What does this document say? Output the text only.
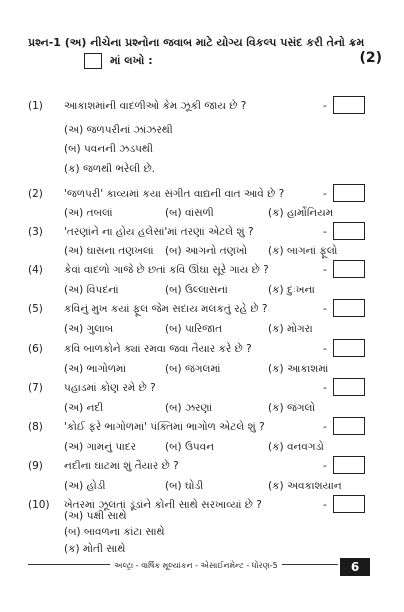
પ્રશ્ન-1 (અ) નીચેના પ્રશ્નોના જવાબ માટે યોગ્ય વિકલ્પ પસંદ કરી તેનો ક્રમ
માં લખો :	(2)
(1) આકાશમાંની વાદળીઓ કેમ ઝૂકી જાય છે ?	-
(અ) જળપરીનાં ઝાંઝરથી
(બ) પવનની ઝડપથી
(ક) જળથી ભરેલી છે.
(2) 'જળપરી' કાવ્યમાં કયા સંગીત વાદ્યની વાત આવે છે ?	-
(અ) તબલાં	(બ) વાંસળી	(ક) હાર્મોનિયમ
(3) 'તરણાંને ના હોય હલેસાં'માં તરણાં એટલે શું ?	-
(અ) ઘાસના તણખલાં (બ) આગનો તણખો (ક) બાગનાં ફૂલો
(4) કેવાં વાદળો ગાજે છે છતાં કવિ ઊંઘા સૂરે ગાય છે ?	-
(અ) વિપદનાં	(બ) ઉલ્લાસનાં	(ક) દુઃખના
(5) કવિનું મુખ કયાં ફૂલ જેમ સદાય મલકતું રહે છે ?	-
(અ) ગુલાબ	(બ) પારિજાત	(ક) મોગરા
(6) કવિ બાળકોને ક્યાં રમવા જવા તૈયાર કરે છે ?	-
(અ) ભાગોળમાં	(બ) જંગલમાં	(ક) આકાશમાં
(7) પહાડમાં કોણ રમે છે ?	-
(અ) નદી	(બ) ઝરણાં	(ક) જંગલો
(8) 'કોઈ ફરે ભાગોળમાં' પંક્તિમાં ભાગોળ એટલે શું ?	-
(અ) ગામનું પાદર	(બ) ઉપવન	(ક) વનવગડો
(9) નદીના ઘાટમાં શું તૈયાર છે ?	-
(અ) હોડી	(બ) ઘોડી	(ક) અવકાશયાન
(10) ખેતરમાં ઝૂલતાં ડૂંડાંને કોની સાથે સરખાવ્યાં છે ?	-
(અ) પક્ષી સાથે
(બ) બાવળના કાંટા સાથે
અલ્ટ્રા - વાર્ષિક મૂલ્યાંકન - એસાઈનમેન્ટ - ધોરણ-5	6
(ક) મોતી સાથે
